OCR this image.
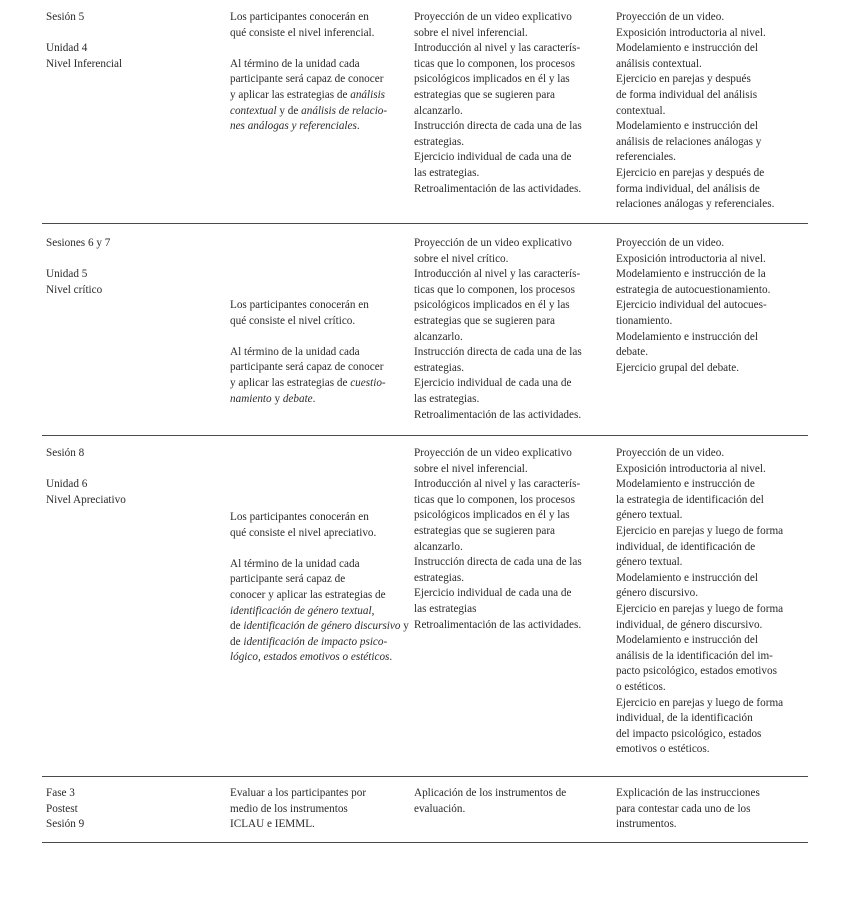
Sesión 5
Unidad 4
Nivel Inferencial
Los participantes conocerán en
qué consiste el nivel inferencial.
Al término de la unidad cada
participante será capaz de conocer
y aplicar las estrategias de análisis
contextual y de análisis de relacio-
nes análogas y referenciales.
Proyección de un video explicativo
sobre el nivel inferencial.
Introducción al nivel y las caracterís-
ticas que lo componen, los procesos
psicológicos implicados en él y las
estrategias que se sugieren para
alcanzarlo.
Instrucción directa de cada una de las
estrategias.
Ejercicio individual de cada una de
las estrategias.
Retroalimentación de las actividades.
Proyección de un video.
Exposición introductoria al nivel.
Modelamiento e instrucción del
análisis contextual.
Ejercicio en parejas y después
de forma individual del análisis
contextual.
Modelamiento e instrucción del
análisis de relaciones análogas y
referenciales.
Ejercicio en parejas y después de
forma individual, del análisis de
relaciones análogas y referenciales.
Sesiones 6 y 7
Unidad 5
Nivel crítico
Los participantes conocerán en
qué consiste el nivel crítico.
Al término de la unidad cada
participante será capaz de conocer
y aplicar las estrategias de cuestio-
namiento y debate.
Proyección de un video explicativo
sobre el nivel crítico.
Introducción al nivel y las caracterís-
ticas que lo componen, los procesos
psicológicos implicados en él y las
estrategias que se sugieren para
alcanzarlo.
Instrucción directa de cada una de las
estrategias.
Ejercicio individual de cada una de
las estrategias.
Retroalimentación de las actividades.
Proyección de un video.
Exposición introductoria al nivel.
Modelamiento e instrucción de la
estrategia de autocuestionamiento.
Ejercicio individual del autocues-
tionamiento.
Modelamiento e instrucción del
debate.
Ejercicio grupal del debate.
Sesión 8
Unidad 6
Nivel Apreciativo
Los participantes conocerán en
qué consiste el nivel apreciativo.
Al término de la unidad cada
participante será capaz de
conocer y aplicar las estrategias de
identificación de género textual,
de identificación de género discursivo y
de identificación de impacto psico-
lógico, estados emotivos o estéticos.
Proyección de un video explicativo
sobre el nivel inferencial.
Introducción al nivel y las caracterís-
ticas que lo componen, los procesos
psicológicos implicados en él y las
estrategias que se sugieren para
alcanzarlo.
Instrucción directa de cada una de las
estrategias.
Ejercicio individual de cada una de
las estrategias
Retroalimentación de las actividades.
Proyección de un video.
Exposición introductoria al nivel.
Modelamiento e instrucción de
la estrategia de identificación del
género textual.
Ejercicio en parejas y luego de forma
individual, de identificación de
género textual.
Modelamiento e instrucción del
género discursivo.
Ejercicio en parejas y luego de forma
individual, de género discursivo.
Modelamiento e instrucción del
análisis de la identificación del im-
pacto psicológico, estados emotivos
o estéticos.
Ejercicio en parejas y luego de forma
individual, de la identificación
del impacto psicológico, estados
emotivos o estéticos.
Fase 3
Postest
Sesión 9
Evaluar a los participantes por
medio de los instrumentos
ICLAU e IEMML.
Aplicación de los instrumentos de
evaluación.
Explicación de las instrucciones
para contestar cada uno de los
instrumentos.
